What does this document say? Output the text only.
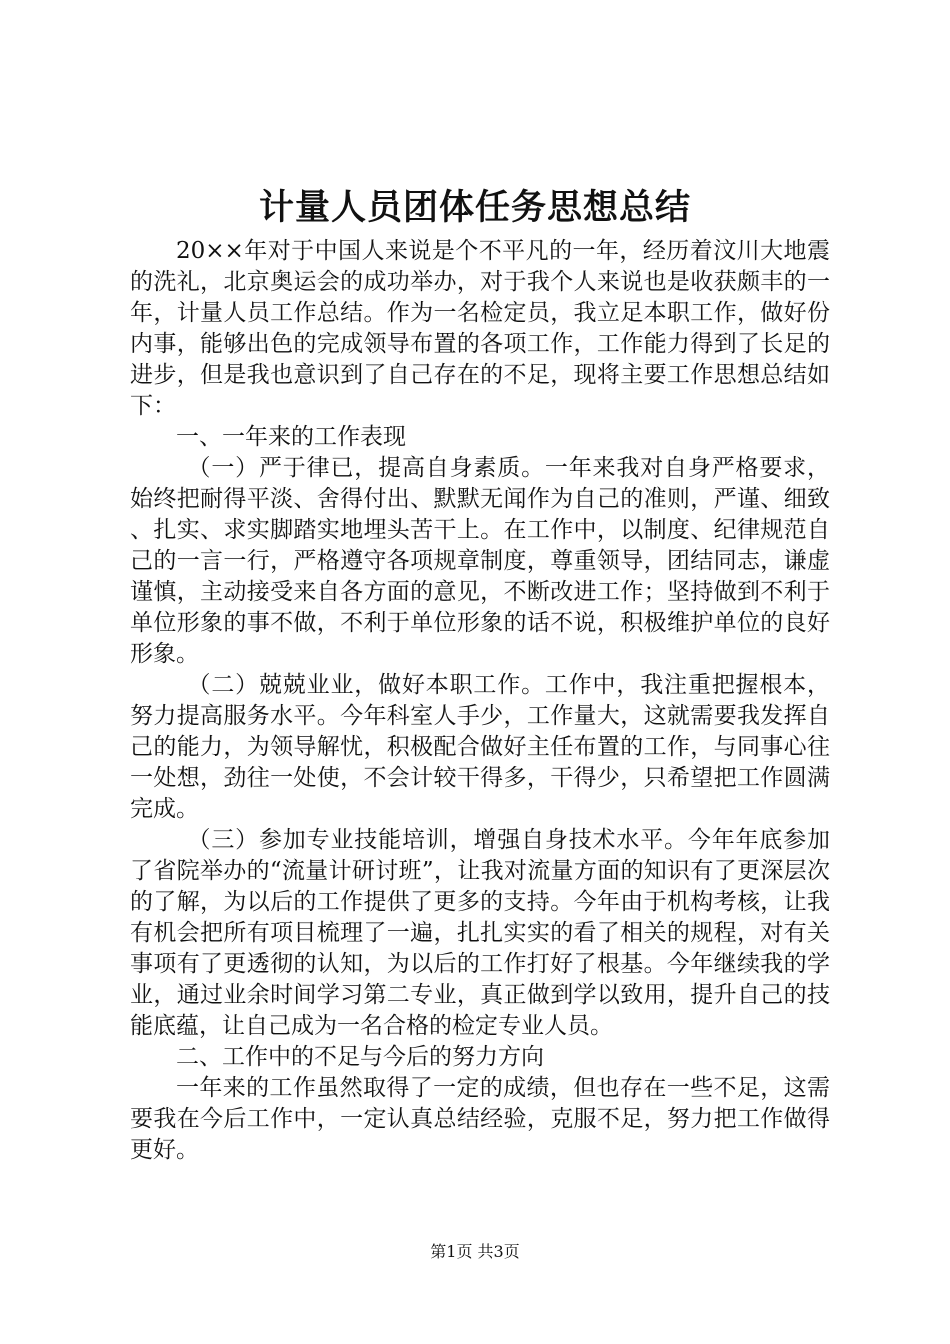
计量人员团体任务思想总结

20××年对于中国人来说是个不平凡的一年，经历着汶川大地震的洗礼，北京奥运会的成功举办，对于我个人来说也是收获颇丰的一年，计量人员工作总结。作为一名检定员，我立足本职工作，做好份内事，能够出色的完成领导布置的各项工作，工作能力得到了长足的进步，但是我也意识到了自己存在的不足，现将主要工作思想总结如下：

一、一年来的工作表现

（一）严于律已，提高自身素质。一年来我对自身严格要求，始终把耐得平淡、舍得付出、默默无闻作为自己的准则，严谨、细致、扎实、求实脚踏实地埋头苦干上。在工作中，以制度、纪律规范自己的一言一行，严格遵守各项规章制度，尊重领导，团结同志，谦虚谨慎，主动接受来自各方面的意见，不断改进工作；坚持做到不利于单位形象的事不做，不利于单位形象的话不说，积极维护单位的良好形象。

（二）兢兢业业，做好本职工作。工作中，我注重把握根本，努力提高服务水平。今年科室人手少，工作量大，这就需要我发挥自己的能力，为领导解忧，积极配合做好主任布置的工作，与同事心往一处想，劲往一处使，不会计较干得多，干得少，只希望把工作圆满完成。

（三）参加专业技能培训，增强自身技术水平。今年年底参加了省院举办的“流量计研讨班”，让我对流量方面的知识有了更深层次的了解，为以后的工作提供了更多的支持。今年由于机构考核，让我有机会把所有项目梳理了一遍，扎扎实实的看了相关的规程，对有关事项有了更透彻的认知，为以后的工作打好了根基。今年继续我的学业，通过业余时间学习第二专业，真正做到学以致用，提升自己的技能底蕴，让自己成为一名合格的检定专业人员。

二、工作中的不足与今后的努力方向

一年来的工作虽然取得了一定的成绩，但也存在一些不足，这需要我在今后工作中，一定认真总结经验，克服不足，努力把工作做得更好。

第1页 共3页
